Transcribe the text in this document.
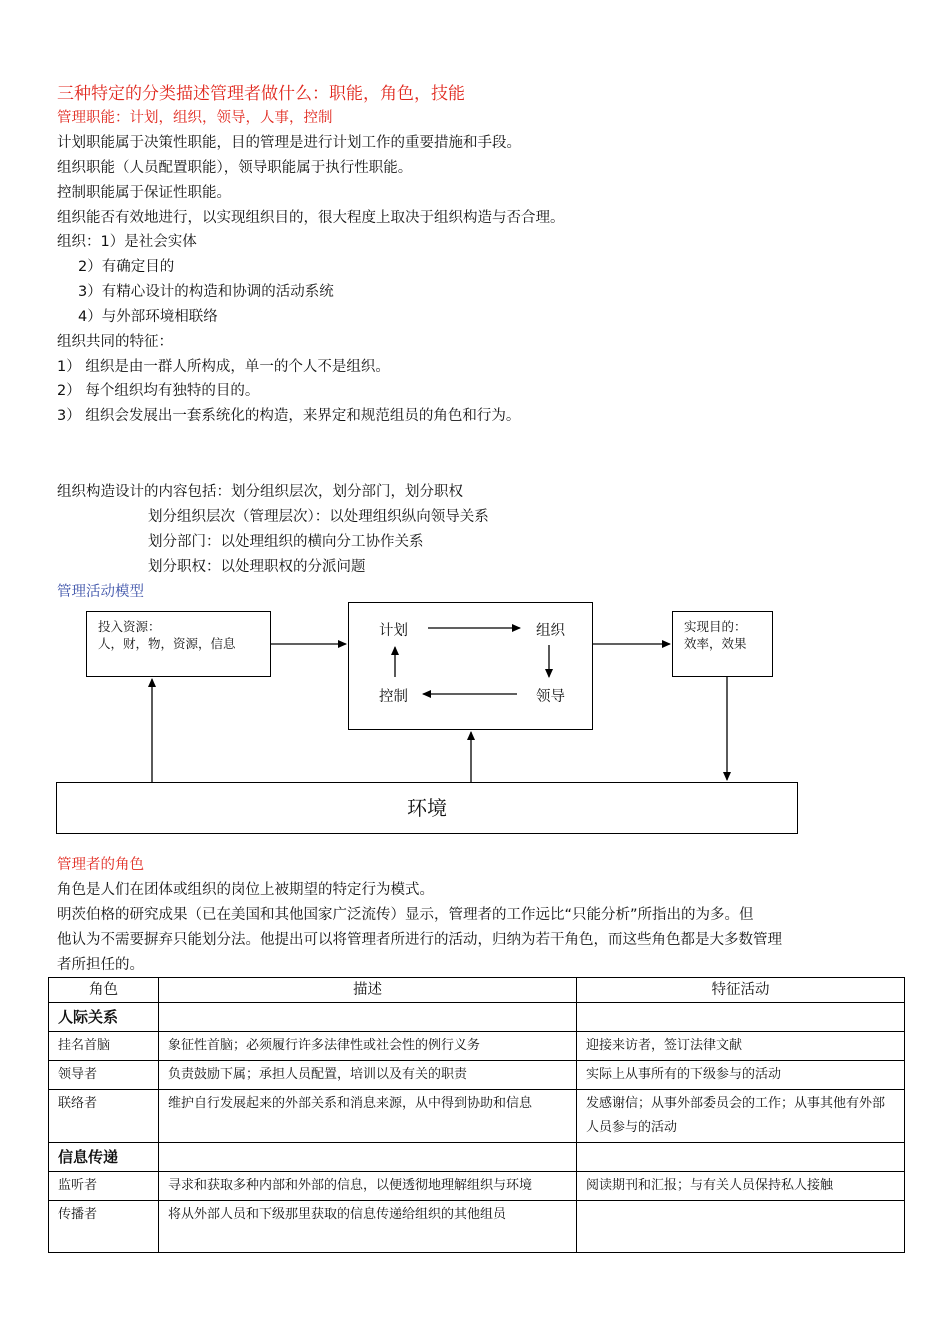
三种特定的分类描述管理者做什么：职能，角色，技能
管理职能：计划，组织，领导，人事，控制
计划职能属于决策性职能，目的管理是进行计划工作的重要措施和手段。
组织职能（人员配置职能），领导职能属于执行性职能。
控制职能属于保证性职能。
组织能否有效地进行，以实现组织目的，很大程度上取决于组织构造与否合理。
组织：1）是社会实体
2）有确定目的
3）有精心设计的构造和协调的活动系统
4）与外部环境相联络
组织共同的特征：
1） 组织是由一群人所构成，单一的个人不是组织。
2） 每个组织均有独特的目的。
3） 组织会发展出一套系统化的构造，来界定和规范组员的角色和行为。
组织构造设计的内容包括：划分组织层次，划分部门，划分职权
划分组织层次（管理层次）：以处理组织纵向领导关系
划分部门：以处理组织的横向分工协作关系
划分职权：以处理职权的分派问题
管理活动模型
投入资源：
人，财，物，资源，信息
计划	组织
领导
控制
实现目的：
效率，效果
环境
管理者的角色
角色是人们在团体或组织的岗位上被期望的特定行为模式。
明茨伯格的研究成果（已在美国和其他国家广泛流传）显示，管理者的工作远比“只能分析”所指出的为多。但
他认为不需要摒弃只能划分法。他提出可以将管理者所进行的活动，归纳为若干角色，而这些角色都是大多数管理
者所担任的。
角色	描述	特征活动
人际关系		
挂名首脑	象征性首脑；必须履行许多法律性或社会性的例行义务	迎接来访者，签订法律文献
领导者	负责鼓励下属；承担人员配置，培训以及有关的职责	实际上从事所有的下级参与的活动
联络者	维护自行发展起来的外部关系和消息来源，从中得到协助和信息	发感谢信；从事外部委员会的工作；从事其他有外部人员参与的活动
信息传递		
监听者	寻求和获取多种内部和外部的信息，以便透彻地理解组织与环境	阅读期刊和汇报；与有关人员保持私人接触
传播者	将从外部人员和下级那里获取的信息传递给组织的其他组员	
